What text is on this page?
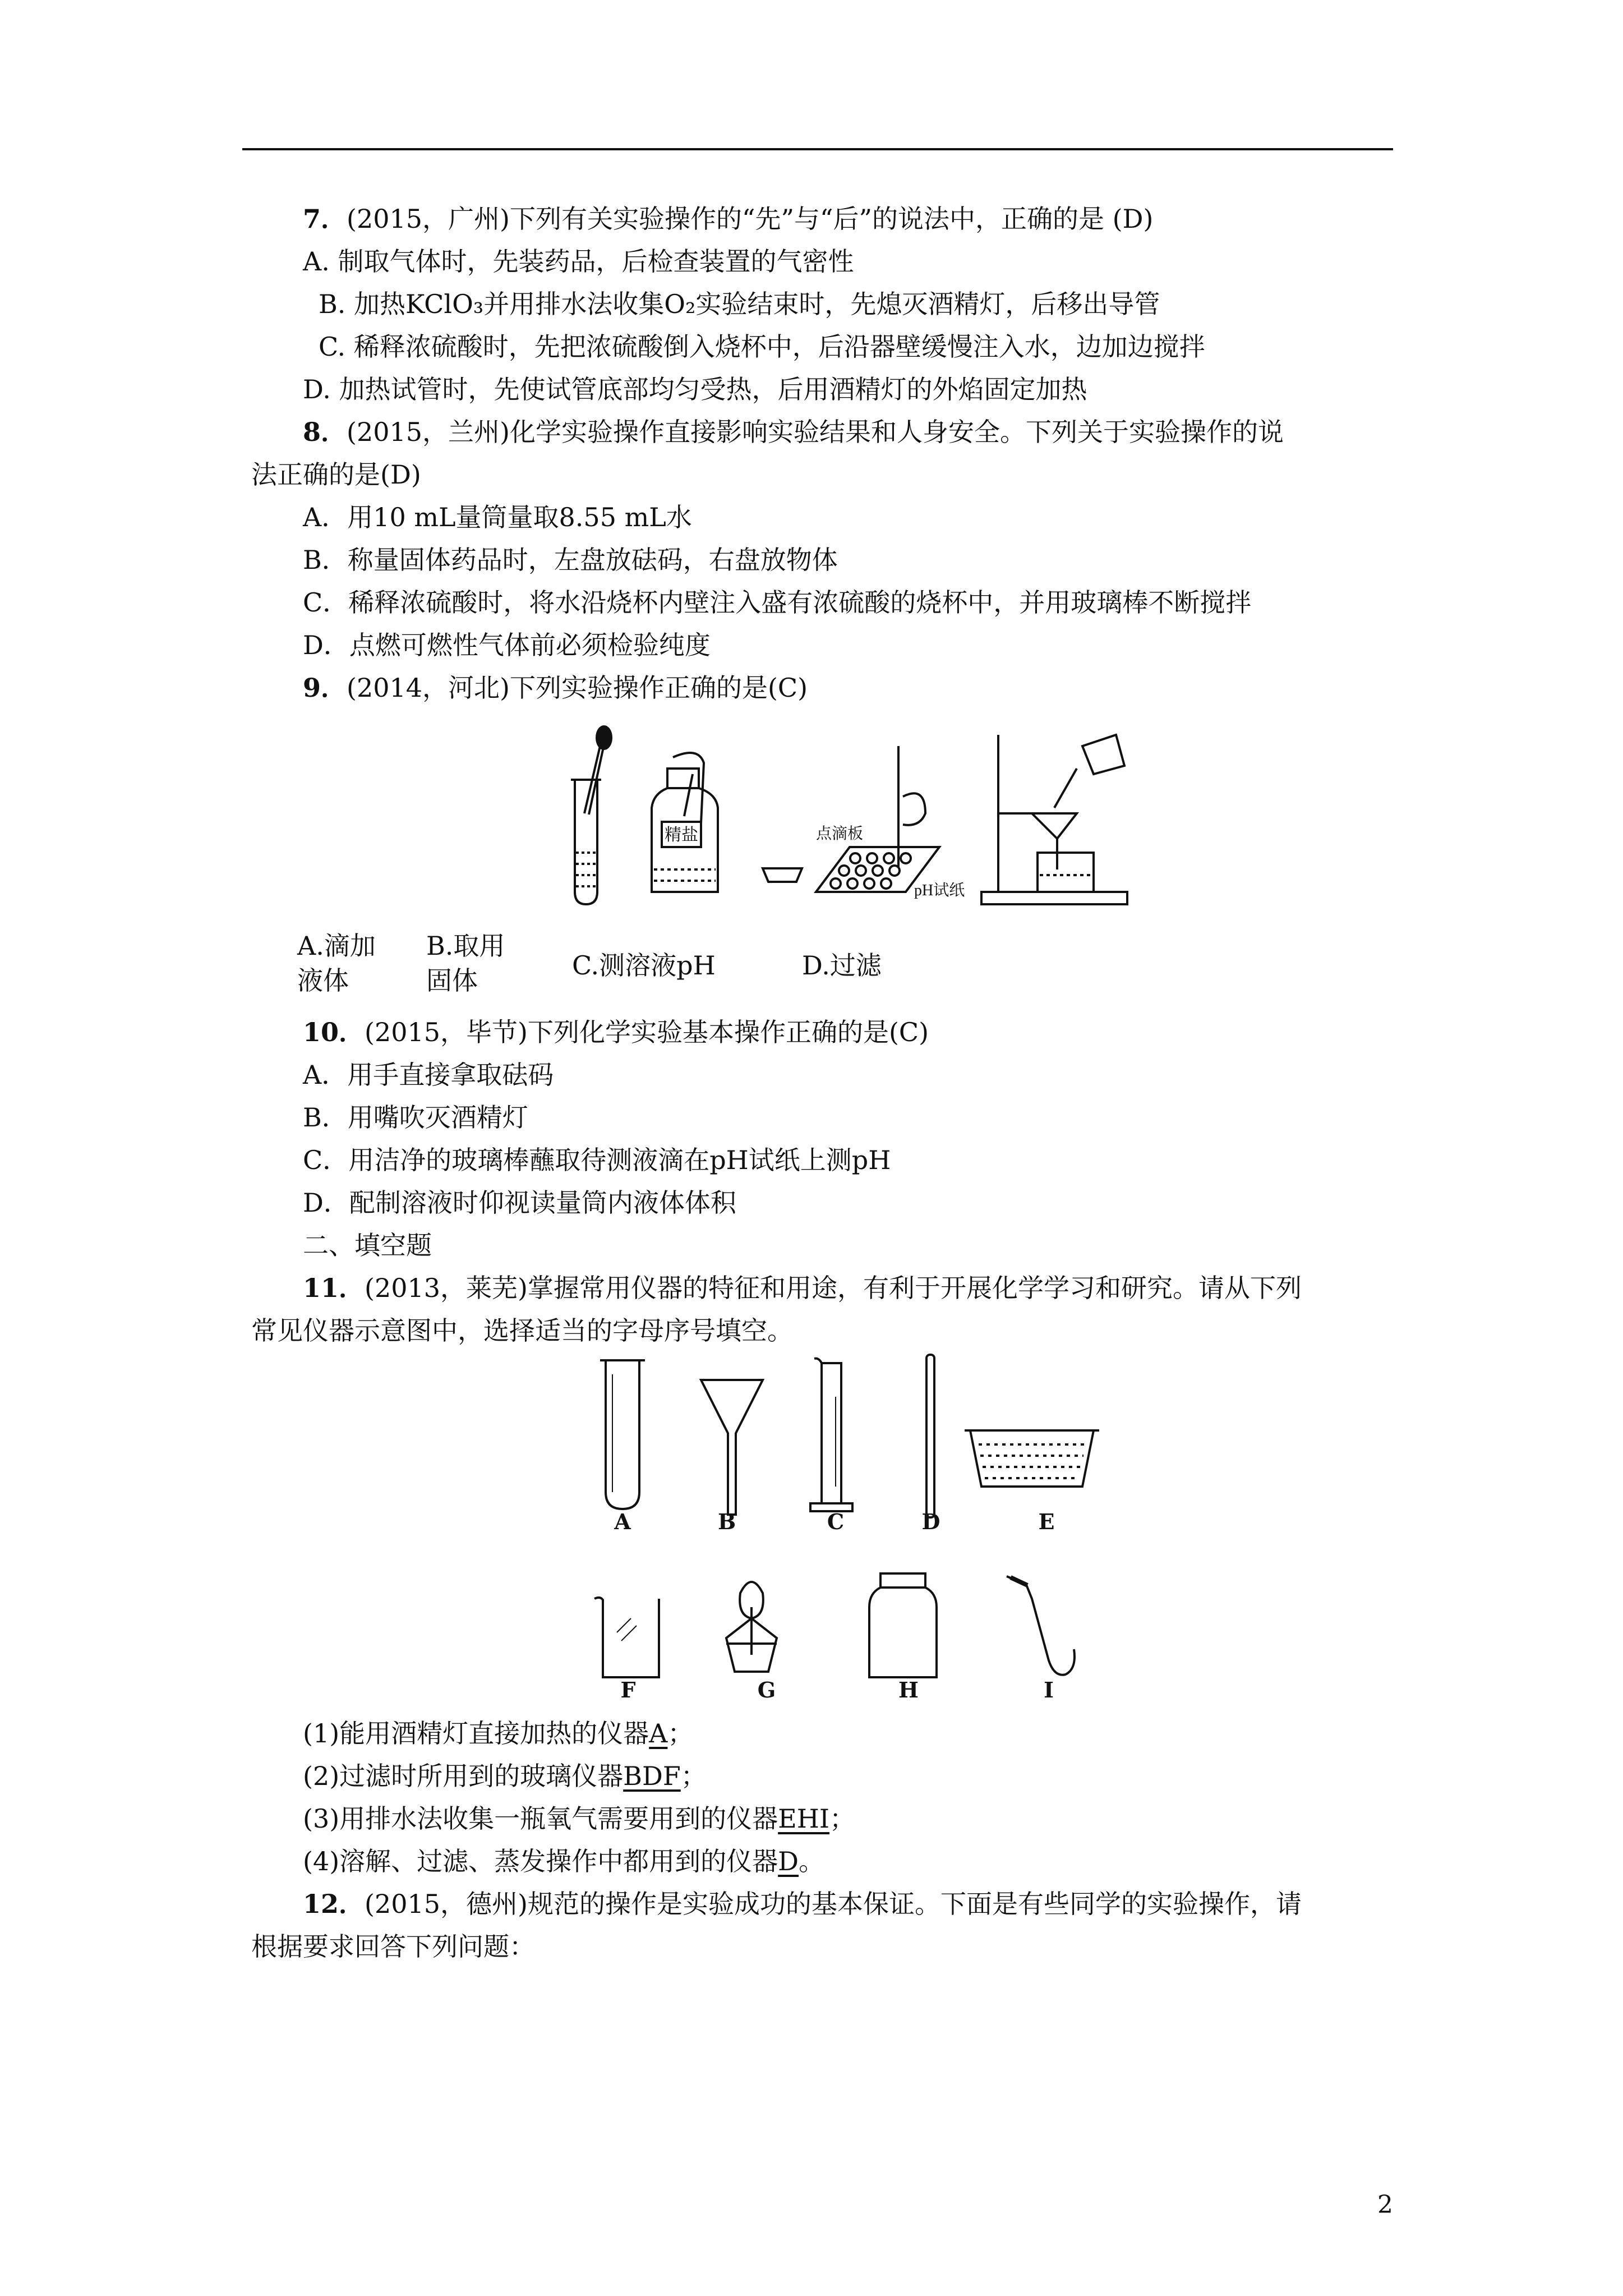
7．(2015，广州)下列有关实验操作的“先”与“后”的说法中，正确的是 (D)
A. 制取气体时，先装药品，后检查装置的气密性
B. 加热KClO₃并用排水法收集O₂实验结束时，先熄灭酒精灯，后移出导管
C. 稀释浓硫酸时，先把浓硫酸倒入烧杯中，后沿器壁缓慢注入水，边加边搅拌
D. 加热试管时，先使试管底部均匀受热，后用酒精灯的外焰固定加热
8．(2015，兰州)化学实验操作直接影响实验结果和人身安全。下列关于实验操作的说
法正确的是(D)
A．用10 mL量筒量取8.55 mL水
B．称量固体药品时，左盘放砝码，右盘放物体
C．稀释浓硫酸时，将水沿烧杯内壁注入盛有浓硫酸的烧杯中，并用玻璃棒不断搅拌
D．点燃可燃性气体前必须检验纯度
9．(2014，河北)下列实验操作正确的是(C)
精盐	点滴板
pH试纸
A.滴加
液体
B.取用
固体	C.测溶液pH	D.过滤
10．(2015，毕节)下列化学实验基本操作正确的是(C)
A．用手直接拿取砝码
B．用嘴吹灭酒精灯
C．用洁净的玻璃棒蘸取待测液滴在pH试纸上测pH
D．配制溶液时仰视读量筒内液体体积
二、填空题
11．(2013，莱芜)掌握常用仪器的特征和用途，有利于开展化学学习和研究。请从下列
常见仪器示意图中，选择适当的字母序号填空。
A	B	C	D	E
F	G	H	I
(1)能用酒精灯直接加热的仪器A；
(2)过滤时所用到的玻璃仪器BDF；
(3)用排水法收集一瓶氧气需要用到的仪器EHI；
(4)溶解、过滤、蒸发操作中都用到的仪器D。
12．(2015，德州)规范的操作是实验成功的基本保证。下面是有些同学的实验操作，请
根据要求回答下列问题：
2
